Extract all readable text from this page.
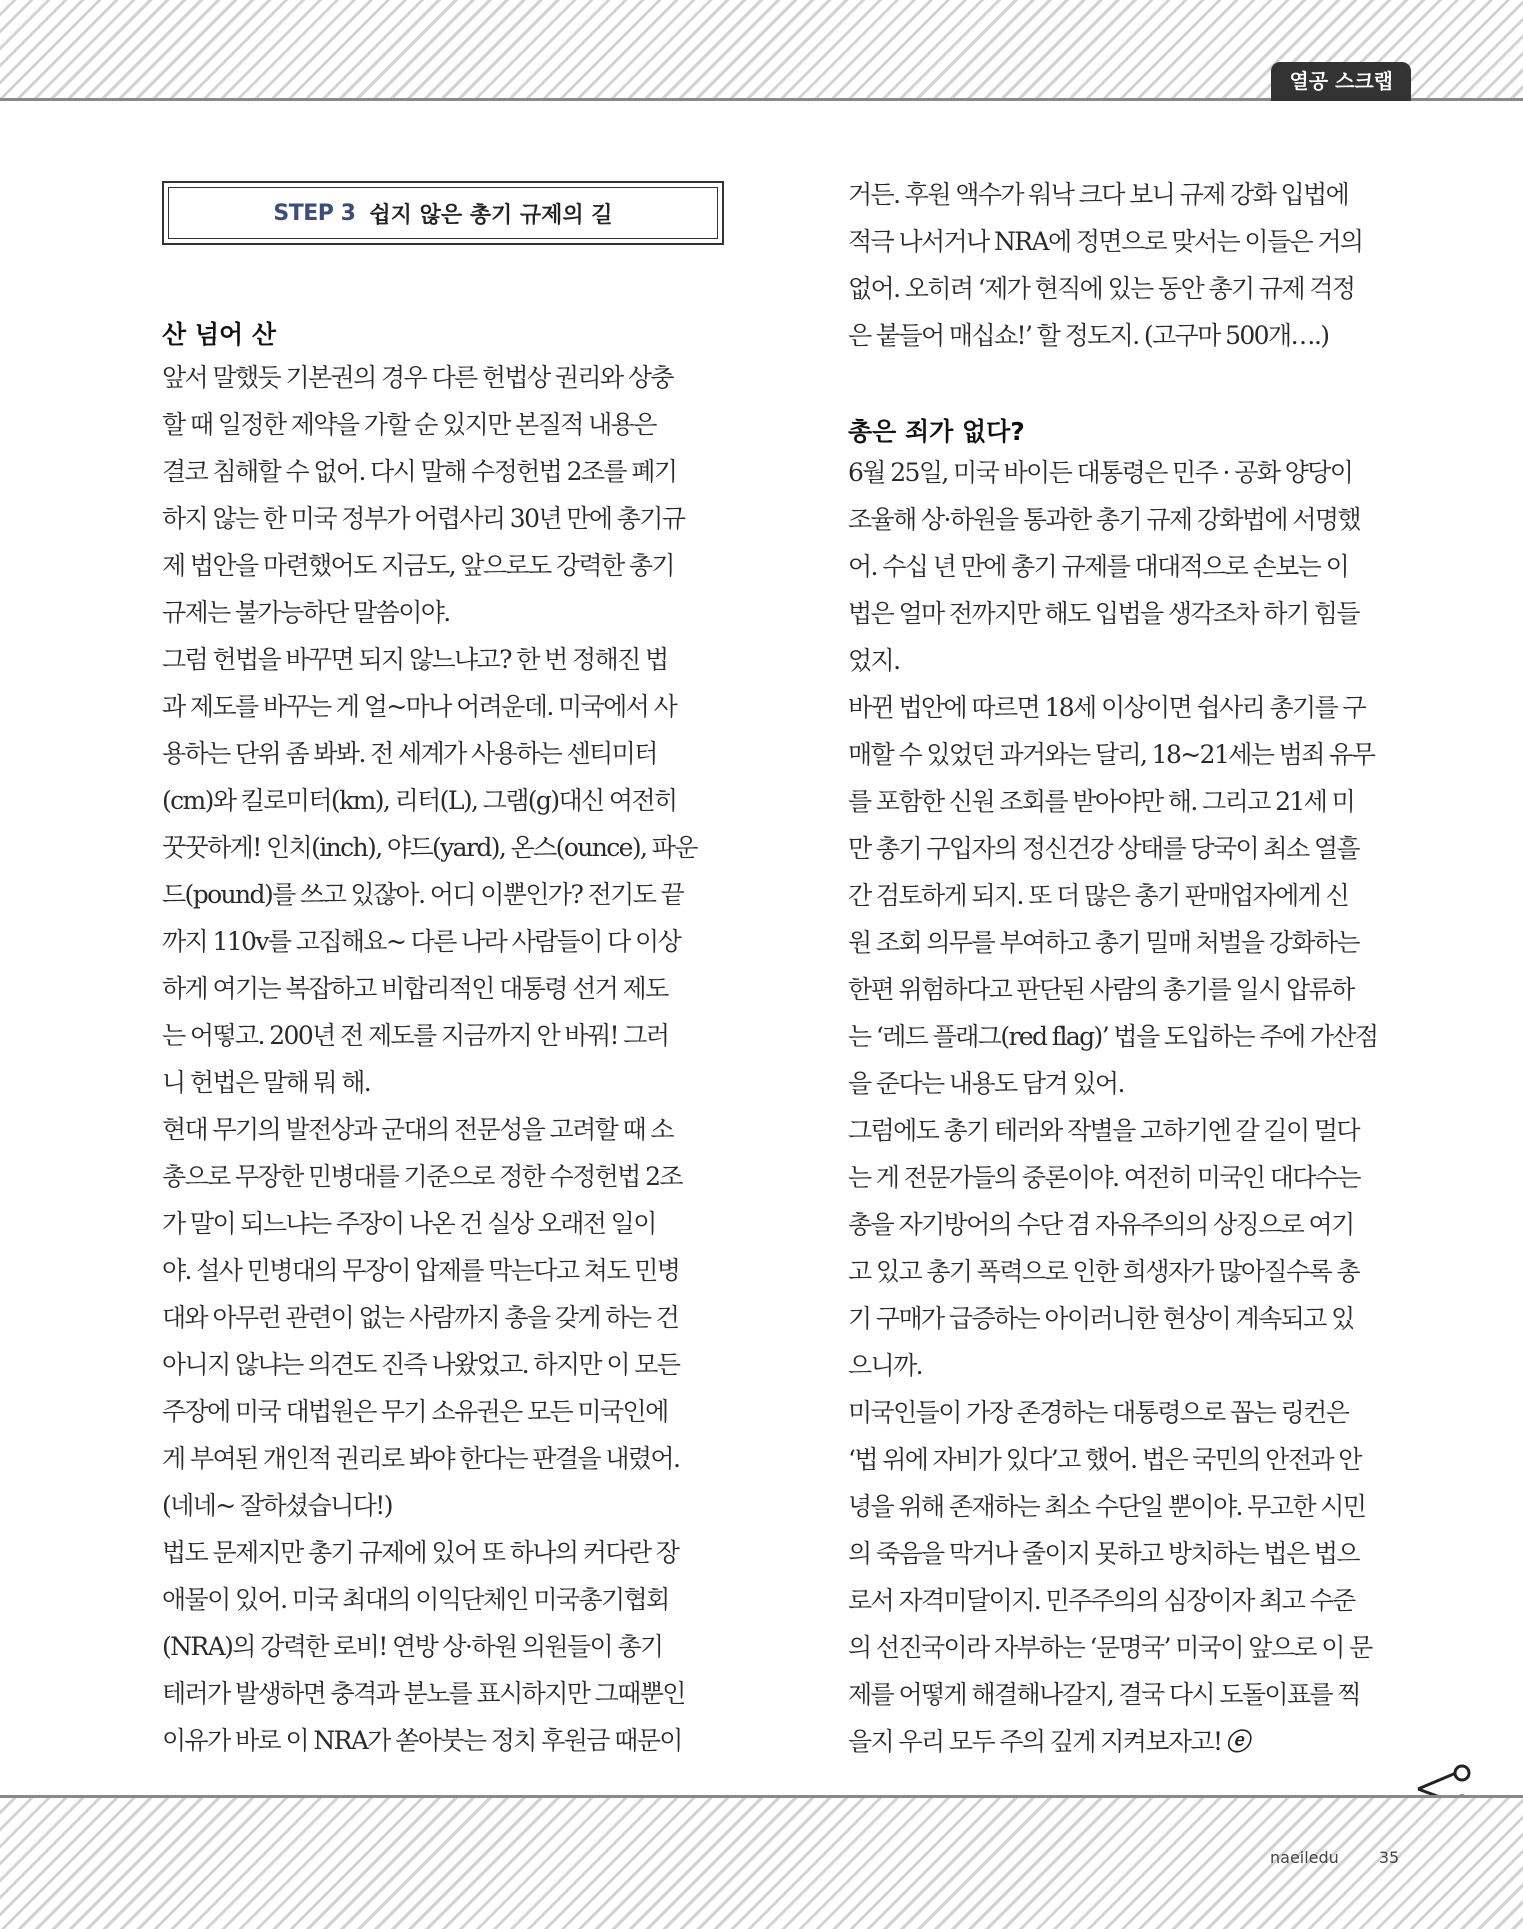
열공 스크랩
STEP 3 쉽지 않은 총기 규제의 길
산 넘어 산
앞서 말했듯 기본권의 경우 다른 헌법상 권리와 상충
할 때 일정한 제약을 가할 순 있지만 본질적 내용은
결코 침해할 수 없어. 다시 말해 수정헌법 2조를 폐기
하지 않는 한 미국 정부가 어렵사리 30년 만에 총기규
제 법안을 마련했어도 지금도, 앞으로도 강력한 총기
규제는 불가능하단 말씀이야.
그럼 헌법을 바꾸면 되지 않느냐고? 한 번 정해진 법
과 제도를 바꾸는 게 얼~마나 어려운데. 미국에서 사
용하는 단위 좀 봐봐. 전 세계가 사용하는 센티미터
(cm)와 킬로미터(km), 리터(L), 그램(g)대신 여전히
꿋꿋하게! 인치(inch), 야드(yard), 온스(ounce), 파운
드(pound)를 쓰고 있잖아. 어디 이뿐인가? 전기도 끝
까지 110v를 고집해요~ 다른 나라 사람들이 다 이상
하게 여기는 복잡하고 비합리적인 대통령 선거 제도
는 어떻고. 200년 전 제도를 지금까지 안 바꿔! 그러
니 헌법은 말해 뭐 해.
현대 무기의 발전상과 군대의 전문성을 고려할 때 소
총으로 무장한 민병대를 기준으로 정한 수정헌법 2조
가 말이 되느냐는 주장이 나온 건 실상 오래전 일이
야. 설사 민병대의 무장이 압제를 막는다고 쳐도 민병
대와 아무런 관련이 없는 사람까지 총을 갖게 하는 건
아니지 않냐는 의견도 진즉 나왔었고. 하지만 이 모든
주장에 미국 대법원은 무기 소유권은 모든 미국인에
게 부여된 개인적 권리로 봐야 한다는 판결을 내렸어.
(네네~ 잘하셨습니다!)
법도 문제지만 총기 규제에 있어 또 하나의 커다란 장
애물이 있어. 미국 최대의 이익단체인 미국총기협회
(NRA)의 강력한 로비! 연방 상·하원 의원들이 총기
테러가 발생하면 충격과 분노를 표시하지만 그때뿐인
이유가 바로 이 NRA가 쏟아붓는 정치 후원금 때문이
거든. 후원 액수가 워낙 크다 보니 규제 강화 입법에
적극 나서거나 NRA에 정면으로 맞서는 이들은 거의
없어. 오히려 ‘제가 현직에 있는 동안 총기 규제 걱정
은 붙들어 매십쇼!’ 할 정도지. (고구마 500개….)
총은 죄가 없다?
6월 25일, 미국 바이든 대통령은 민주 · 공화 양당이
조율해 상·하원을 통과한 총기 규제 강화법에 서명했
어. 수십 년 만에 총기 규제를 대대적으로 손보는 이
법은 얼마 전까지만 해도 입법을 생각조차 하기 힘들
었지.
바뀐 법안에 따르면 18세 이상이면 쉽사리 총기를 구
매할 수 있었던 과거와는 달리, 18~21세는 범죄 유무
를 포함한 신원 조회를 받아야만 해. 그리고 21세 미
만 총기 구입자의 정신건강 상태를 당국이 최소 열흘
간 검토하게 되지. 또 더 많은 총기 판매업자에게 신
원 조회 의무를 부여하고 총기 밀매 처벌을 강화하는
한편 위험하다고 판단된 사람의 총기를 일시 압류하
는 ‘레드 플래그(red flag)’ 법을 도입하는 주에 가산점
을 준다는 내용도 담겨 있어.
그럼에도 총기 테러와 작별을 고하기엔 갈 길이 멀다
는 게 전문가들의 중론이야. 여전히 미국인 대다수는
총을 자기방어의 수단 겸 자유주의의 상징으로 여기
고 있고 총기 폭력으로 인한 희생자가 많아질수록 총
기 구매가 급증하는 아이러니한 현상이 계속되고 있
으니까.
미국인들이 가장 존경하는 대통령으로 꼽는 링컨은
‘법 위에 자비가 있다’고 했어. 법은 국민의 안전과 안
녕을 위해 존재하는 최소 수단일 뿐이야. 무고한 시민
의 죽음을 막거나 줄이지 못하고 방치하는 법은 법으
로서 자격미달이지. 민주주의의 심장이자 최고 수준
의 선진국이라 자부하는 ‘문명국’ 미국이 앞으로 이 문
제를 어떻게 해결해나갈지, 결국 다시 도돌이표를 찍
을지 우리 모두 주의 깊게 지켜보자고! ⓔ
naeiledu	35
